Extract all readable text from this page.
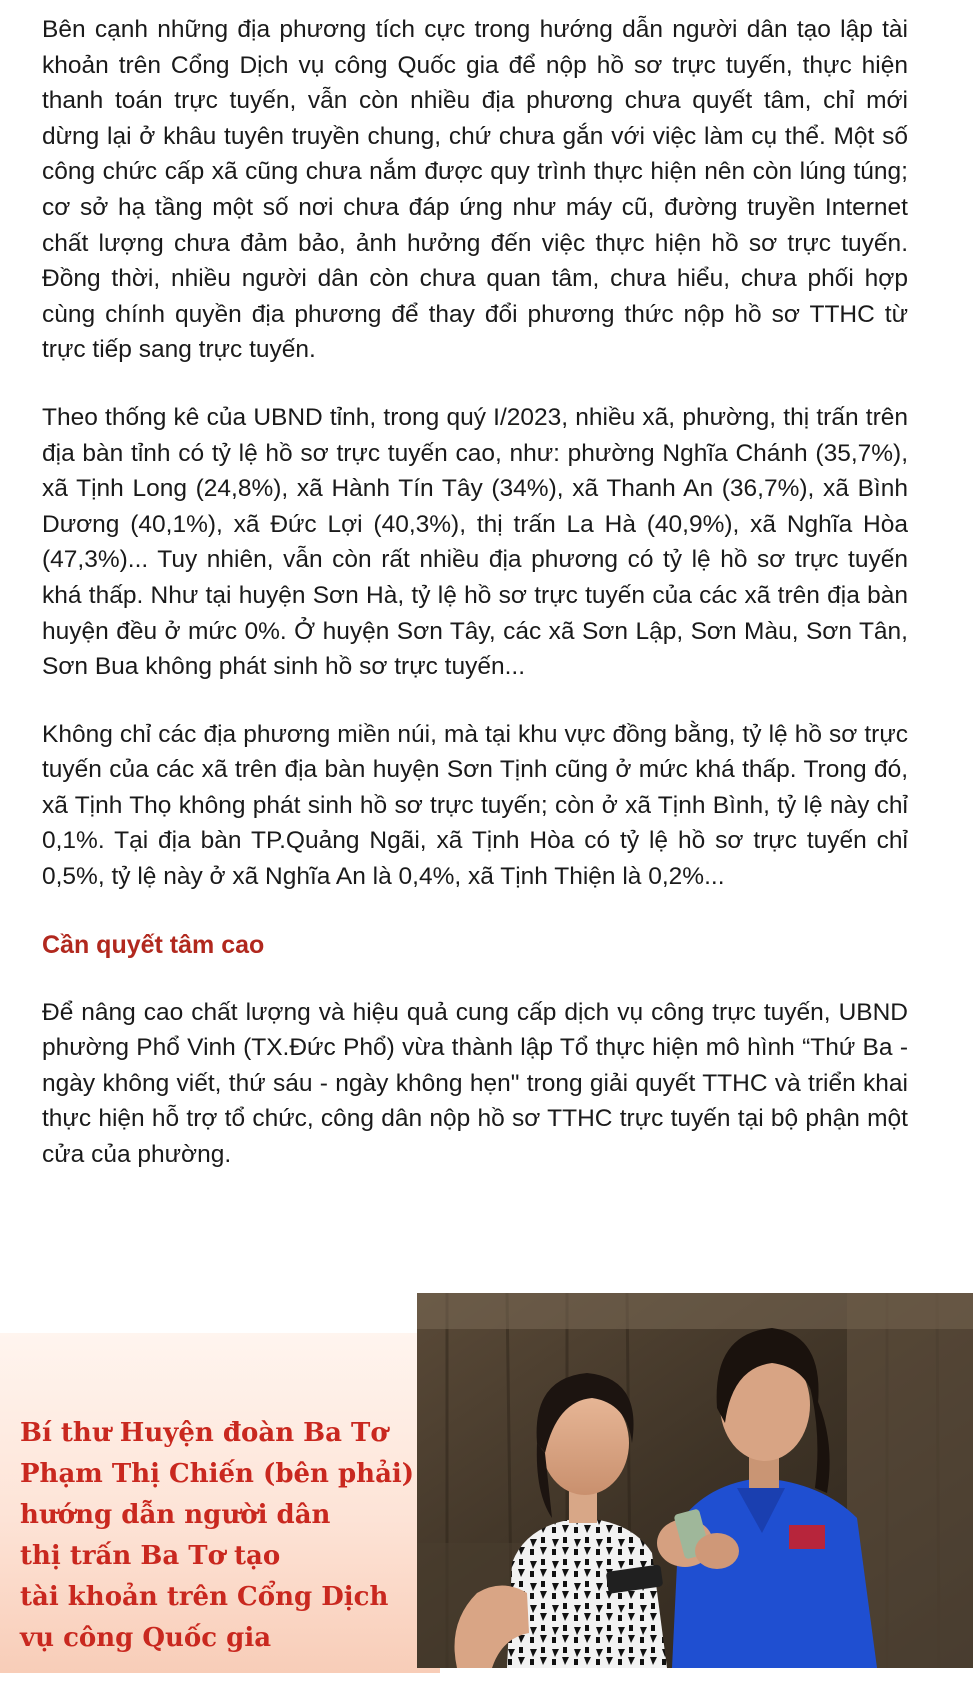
Bên cạnh những địa phương tích cực trong hướng dẫn người dân tạo lập tài khoản trên Cổng Dịch vụ công Quốc gia để nộp hồ sơ trực tuyến, thực hiện thanh toán trực tuyến, vẫn còn nhiều địa phương chưa quyết tâm, chỉ mới dừng lại ở khâu tuyên truyền chung, chứ chưa gắn với việc làm cụ thể. Một số công chức cấp xã cũng chưa nắm được quy trình thực hiện nên còn lúng túng; cơ sở hạ tầng một số nơi chưa đáp ứng như máy cũ, đường truyền Internet chất lượng chưa đảm bảo, ảnh hưởng đến việc thực hiện hồ sơ trực tuyến. Đồng thời, nhiều người dân còn chưa quan tâm, chưa hiểu, chưa phối hợp cùng chính quyền địa phương để thay đổi phương thức nộp hồ sơ TTHC từ trực tiếp sang trực tuyến.

Theo thống kê của UBND tỉnh, trong quý I/2023, nhiều xã, phường, thị trấn trên địa bàn tỉnh có tỷ lệ hồ sơ trực tuyến cao, như: phường Nghĩa Chánh (35,7%), xã Tịnh Long (24,8%), xã Hành Tín Tây (34%), xã Thanh An (36,7%), xã Bình Dương (40,1%), xã Đức Lợi (40,3%), thị trấn La Hà (40,9%), xã Nghĩa Hòa (47,3%)... Tuy nhiên, vẫn còn rất nhiều địa phương có tỷ lệ hồ sơ trực tuyến khá thấp. Như tại huyện Sơn Hà, tỷ lệ hồ sơ trực tuyến của các xã trên địa bàn huyện đều ở mức 0%. Ở huyện Sơn Tây, các xã Sơn Lập, Sơn Màu, Sơn Tân, Sơn Bua không phát sinh hồ sơ trực tuyến...

Không chỉ các địa phương miền núi, mà tại khu vực đồng bằng, tỷ lệ hồ sơ trực tuyến của các xã trên địa bàn huyện Sơn Tịnh cũng ở mức khá thấp. Trong đó, xã Tịnh Thọ không phát sinh hồ sơ trực tuyến; còn ở xã Tịnh Bình, tỷ lệ này chỉ 0,1%. Tại địa bàn TP.Quảng Ngãi, xã Tịnh Hòa có tỷ lệ hồ sơ trực tuyến chỉ 0,5%, tỷ lệ này ở xã Nghĩa An là 0,4%, xã Tịnh Thiện là 0,2%...

Cần quyết tâm cao

Để nâng cao chất lượng và hiệu quả cung cấp dịch vụ công trực tuyến, UBND phường Phổ Vinh (TX.Đức Phổ) vừa thành lập Tổ thực hiện mô hình “Thứ Ba - ngày không viết, thứ sáu - ngày không hẹn" trong giải quyết TTHC và triển khai thực hiện hỗ trợ tổ chức, công dân nộp hồ sơ TTHC trực tuyến tại bộ phận một cửa của phường.

Bí thư Huyện đoàn Ba Tơ
Phạm Thị Chiến (bên phải)
hướng dẫn người dân
thị trấn Ba Tơ tạo
tài khoản trên Cổng Dịch
vụ công Quốc gia
